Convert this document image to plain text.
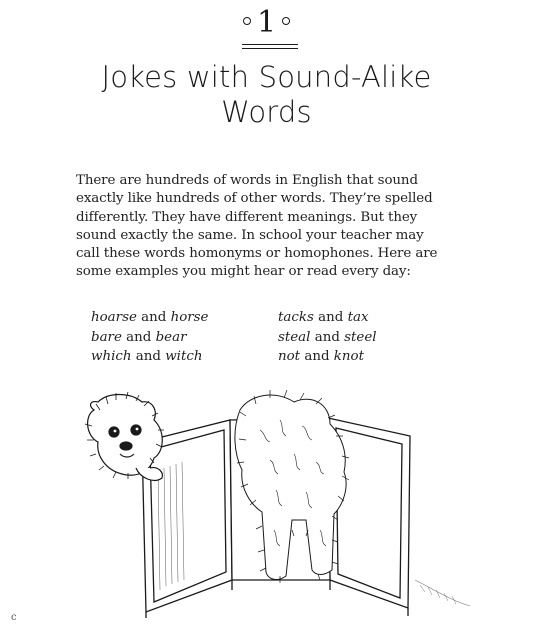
1
Jokes with Sound-Alike
Words
There are hundreds of words in English that sound
exactly like hundreds of other words. They’re spelled
differently. They have different meanings. But they
sound exactly the same. In school your teacher may
call these words homonyms or homophones. Here are
some examples you might hear or read every day:
hoarse and horse
bare and bear
which and witch
tacks and tax
steal and steel
not and knot
c
